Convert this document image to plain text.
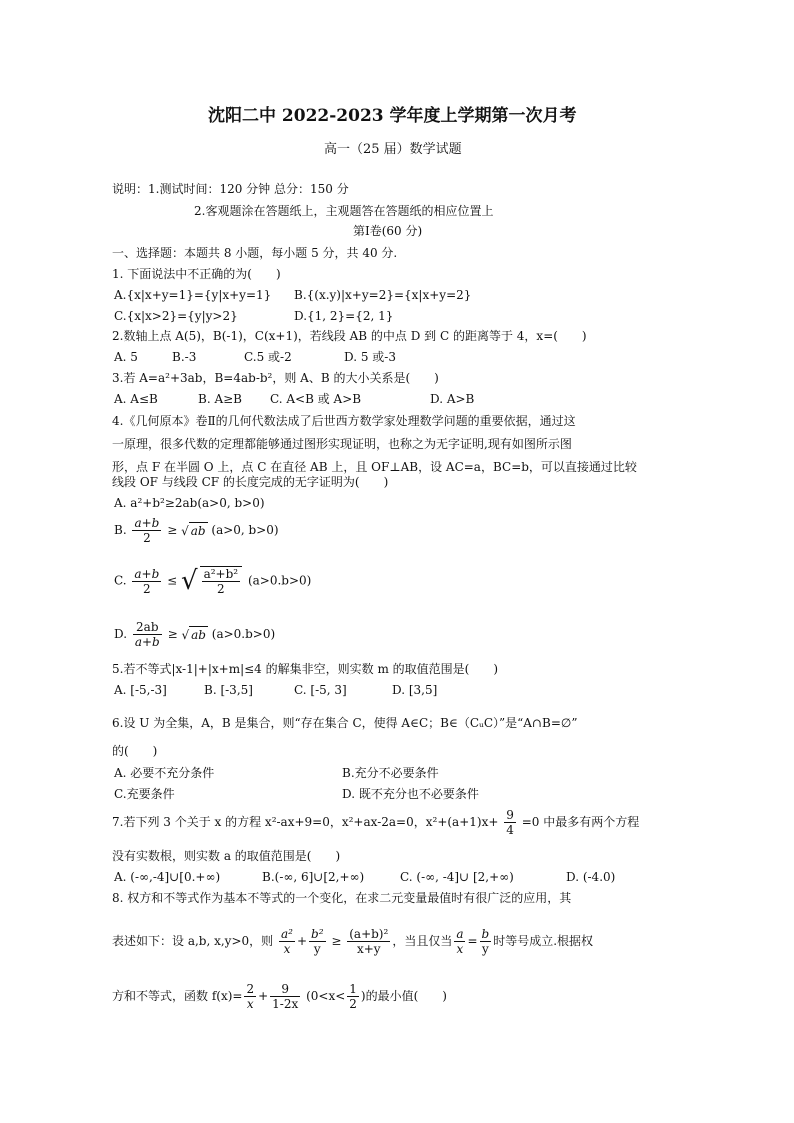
沈阳二中 2022-2023 学年度上学期第一次月考
高一（25 届）数学试题
说明：1.测试时间：120 分钟 总分：150 分
2.客观题涂在答题纸上，主观题答在答题纸的相应位置上
第Ⅰ卷(60 分)
一、选择题：本题共 8 小题，每小题 5 分，共 40 分.
1. 下面说法中不正确的为(　　)
A.{x|x+y=1}={y|x+y=1} B.{(x.y)|x+y=2}={x|x+y=2}
C.{x|x>2}={y|y>2}	D.{1, 2}={2, 1}
2.数轴上点 A(5)，B(-1)，C(x+1)，若线段 AB 的中点 D 到 C 的距离等于 4，x=(　　)
A. 5	B.-3	C.5 或-2	D. 5 或-3
3.若 A=a²+3ab，B=4ab-b²，则 A、B 的大小关系是(　　)
A. A≤B	B. A≥B C. A<B 或 A>B	D. A>B
4.《几何原本》卷Ⅱ的几何代数法成了后世西方数学家处理数学问题的重要依据，通过这
一原理，很多代数的定理都能够通过图形实现证明，也称之为无字证明,现有如图所示图
形，点 F 在半圆 O 上，点 C 在直径 AB 上，且 OF⊥AB，设 AC=a，BC=b，可以直接通过比较
线段 OF 与线段 CF 的长度完成的无字证明为(　　)
A. a²+b²≥2ab(a>0, b>0)
B. $\frac{a+b}{2}$ ≥ √ ab (a>0, b>0)
C. $\frac{a+b}{2}$ ≤ √ $\frac{\text{a²+b²}}{2} (a>0.b>0)$
D. $\frac{2ab}{a+b}$ ≥ √ ab (a>0.b>0)
5.若不等式|x-1|+|x+m|≤4 的解集非空，则实数 m 的取值范围是(　　)
A. [-5,-3]	B. [-3,5]	C. [-5, 3]	D. [3,5]
6.设 U 为全集，A，B 是集合，则“存在集合 C，使得 A∈C；B∈（CᵤC）”是“A∩B=∅”
的(　　)
A. 必要不充分条件	B.充分不必要条件
C.充要条件	D. 既不充分也不必要条件
7.若下列 3 个关于 x 的方程 x²-ax+9=0，x²+ax-2a=0，$x^2+(a+1)x+ \frac{9}{4} =0$ 中最多有两个方程
没有实数根，则实数 a 的取值范围是(　　)
A. (-∞,-4]∪[0.+∞)	B.(-∞, 6]∪[2,+∞)	C. (-∞, -4]∪ [2,+∞)	D. (-4.0)
8. 权方和不等式作为基本不等式的一个变化，在求二元变量最值时有很广泛的应用，其
表述如下：设 a,b, x,y>0，则 $\frac{\text{a²}}{x} + \frac{\text{b²}}{y} \ge \frac{\text{(a+b)²}}{x+y}$ ，当且仅当 $\frac{a}{x} = \frac{b}{y}$ 时等号成立.根据权
方和不等式，函数 $f(x)= \frac{2}{x} + \frac{9}{1-2x} (0<x< \frac{1}{2}$ )的最小值(　　)
